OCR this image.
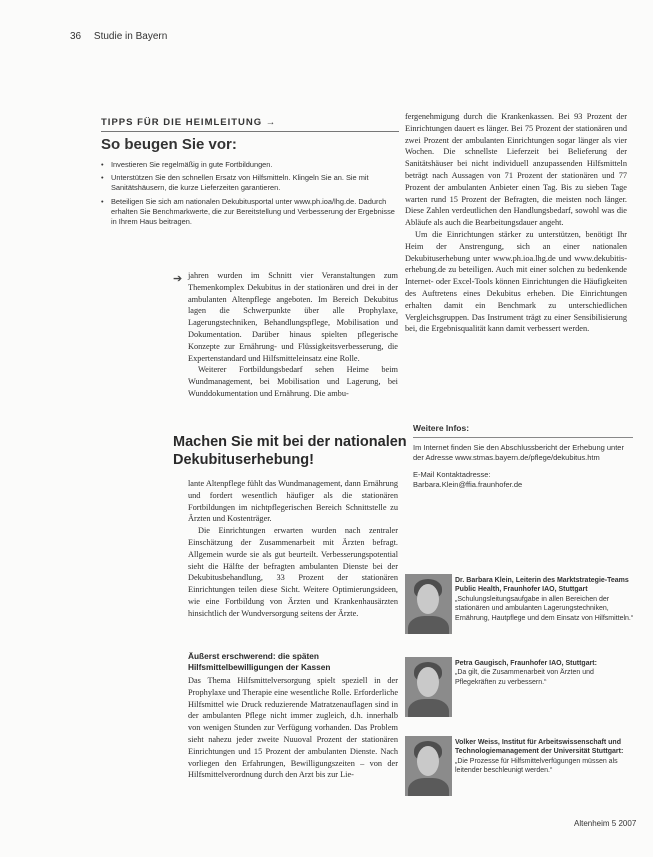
36 Studie in Bayern
TIPPS FÜR DIE HEIMLEITUNG →
So beugen Sie vor:
•	Investieren Sie regelmäßig in gute Fortbildungen.
•	Unterstützen Sie den schnellen Ersatz von Hilfsmitteln. Klingeln Sie an. Sie mit Sanitätshäusern, die kurze Lieferzeiten garantieren.
•	Beteiligen Sie sich am nationalen Dekubitusportal unter www.ph.ioa/lhg.de. Dadurch erhalten Sie Benchmarkwerte, die zur Bereitstellung und Verbesserung der Ergebnisse in Ihrem Haus beitragen.
➔ jahren wurden im Schnitt vier Veranstaltungen zum Themenkomplex Dekubitus in der stationären und drei in der ambulanten Altenpflege angeboten. Im Bereich Dekubitus lagen die Schwerpunkte über alle Prophylaxe, Lagerungstechniken, Behandlungspflege, Mobilisation und Dokumentation. Darüber hinaus spielten pflegerische Konzepte zur Ernährung- und Flüssigkeitsverbesserung, die Expertenstandard und Hilfsmitteleinsatz eine Rolle.

Weiterer Fortbildungsbedarf sehen Heime beim Wundmanagement, bei Mobilisation und Lagerung, bei Wunddokumentation und Ernährung. Die ambu-

Machen Sie mit bei der nationalen Dekubituserhebung!

lante Altenpflege fühlt das Wundmanagement, dann Ernährung und fordert wesentlich häufiger als die stationären Fortbildungen im nichtpflegerischen Bereich Schnittstelle zu Ärzten und Kostenträger.

Die Einrichtungen erwarten wurden nach zentraler Einschätzung der Zusammenarbeit mit Ärzten befragt. Allgemein wurde sie als gut beurteilt. Verbesserungspotential sieht die Hälfte der befragten ambulanten Dienste bei der Dekubitusbehandlung, 33 Prozent der stationären Einrichtungen teilen diese Sicht. Weitere Optimierungsideen, wie eine Fortbildung von Ärzten und Krankenhausärzten hinsichtlich der Wundversorgung seitens der Ärzte.

Äußerst erschwerend: die späten Hilfsmittelbewilligungen der Kassen

Das Thema Hilfsmittelversorgung spielt speziell in der Prophylaxe und Therapie eine wesentliche Rolle. Erforderliche Hilfsmittel wie Druck reduzierende Matratzenauflagen sind in der ambulanten Pflege nicht immer zugleich, d.h. innerhalb von wenigen Stunden zur Verfügung vorhanden. Das Problem sieht nahezu jeder zweite Nuuoval Prozent der stationären Einrichtungen und 15 Prozent der ambulanten Dienste. Nach vorliegen den Erfahrungen, Bewilligungszeiten – von der Hilfsmittelverordnung durch den Arzt bis zur Lie-

fergenehmigung durch die Krankenkassen. Bei 93 Prozent der Einrichtungen dauert es länger. Bei 75 Prozent der stationären und zwei Prozent der ambulanten Einrichtungen sogar länger als vier Wochen. Die schnellste Lieferzeit bei Belieferung der Sanitätshäuser bei nicht individuell anzupassenden Hilfsmitteln beträgt nach Aussagen von 71 Prozent der stationären und 77 Prozent der ambulanten Anbieter einen Tag. Bis zu sieben Tage warten rund 15 Prozent der Befragten, die meisten noch länger. Diese Zahlen verdeutlichen den Handlungsbedarf, sowohl was die Abläufe als auch die Bearbeitungsdauer angeht.

Um die Einrichtungen stärker zu unterstützen, benötigt Ihr Heim der Anstrengung, sich an einer nationalen Dekubituserhebung unter www.ph.ioa.lhg.de und www.dekubitis-erhebung.de zu beteiligen. Auch mit einer solchen zu bedenkende Internet- oder Excel-Tools können Einrichtungen die Häufigkeiten des Auftretens eines Dekubitus erheben. Die Einrichtungen erhalten damit ein Benchmark zu unterschiedlichen Vergleichsgruppen. Das Instrument trägt zu einer Sensibilisierung bei, die Ergebnisqualität kann damit verbessert werden.

Weitere Infos:
Im Internet finden Sie den Abschlussbericht der Erhebung unter der Adresse www.stmas.bayern.de/pflege/dekubitus.htm
E-Mail Kontaktadresse:
Barbara.Klein@ffia.fraunhofer.de
Dr. Barbara Klein, Leiterin des Marktstrategie-Teams Public Health, Fraunhofer IAO, Stuttgart
„Schulungsleitungsaufgabe in allen Bereichen der stationären und ambulanten Lagerungstechniken, Ernährung, Hautpflege und dem Einsatz von Hilfsmitteln.“
Petra Gaugisch, Fraunhofer IAO, Stuttgart:
„Da gilt, die Zusammenarbeit von Ärzten und Pflegekräften zu verbessern.“
Volker Weiss, Institut für Arbeitswissenschaft und Technologiemanagement der Universität Stuttgart:
„Die Prozesse für Hilfsmittelverfügungen müssen als leitender beschleunigt werden.“
Altenheim 5 2007
